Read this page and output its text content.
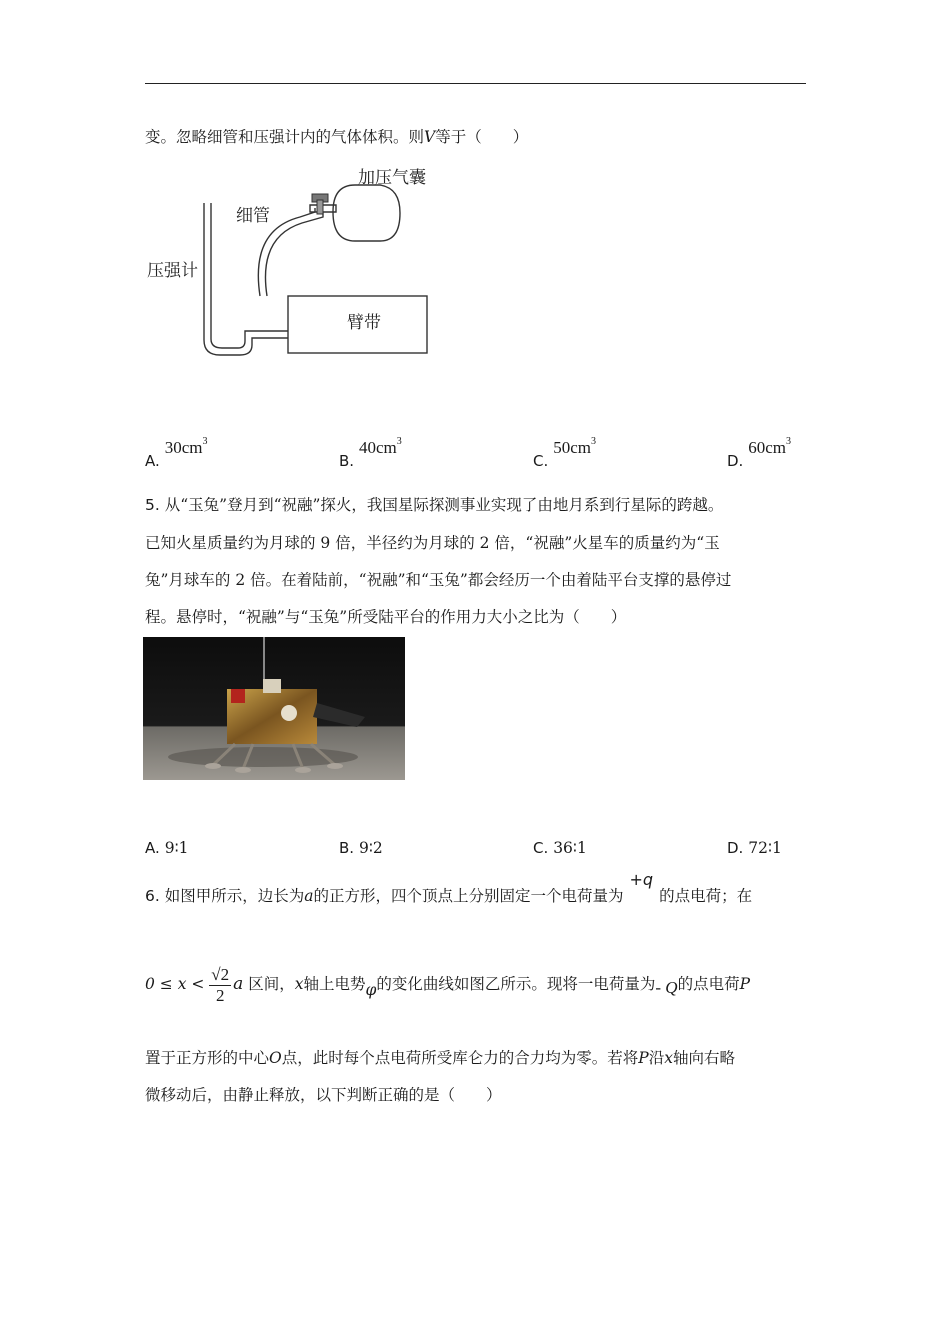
变。忽略细管和压强计内的气体体积。则V等于（　　）
加压气囊
细管
压强计
臂带
A. $30cm^3$
B. $40cm^3$
C. $50cm^3$
D. $60cm^3$
5. 从“玉兔”登月到“祝融”探火，我国星际探测事业实现了由地月系到行星际的跨越。
已知火星质量约为月球的 9 倍，半径约为月球的 2 倍，“祝融”火星车的质量约为“玉
兔”月球车的 2 倍。在着陆前，“祝融”和“玉兔”都会经历一个由着陆平台支撑的悬停过
程。悬停时，“祝融”与“玉兔”所受陆平台的作用力大小之比为（　　）
A. 9∶1	B. 9∶2	C. 36∶1	D. 72∶1
6. 如图甲所示，边长为a的正方形，四个顶点上分别固定一个电荷量为+q的点电荷；在
$0 \le x < \frac{√2}{2}$ a 区间，x轴上电势φ的变化曲线如图乙所示。现将一电荷量为- Q的点电荷P
置于正方形的中心O点，此时每个点电荷所受库仑力的合力均为零。若将P沿x轴向右略
微移动后，由静止释放，以下判断正确的是（　　）
